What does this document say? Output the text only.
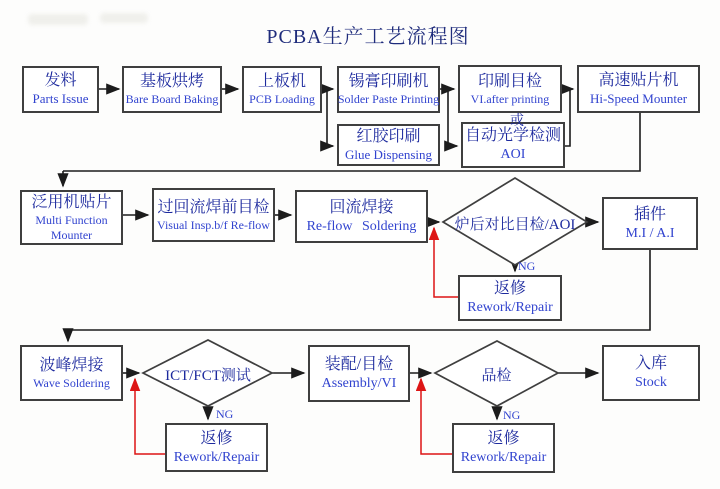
PCBA生产工艺流程图
发料
Parts Issue
基板烘烤
Bare Board Baking
上板机
PCB Loading
锡膏印刷机
Solder Paste Printing
印刷目检
VI.after printing
高速贴片机
Hi-Speed Mounter
红胶印刷
Glue Dispensing
自动光学检测
AOI
或
泛用机贴片
Multi Function
Mounter
过回流焊前目检
Visual Insp.b/f Re-flow
回流焊接
Re-flow Soldering	炉后对比目检/AOI
插件
M.I / A.I
NG
返修
Rework/Repair
波峰焊接
Wave Soldering	ICT/FCT测试
NG
返修
Rework/Repair
装配/目检
Assembly/VI	品检
NG
返修
Rework/Repair
入库
Stock
